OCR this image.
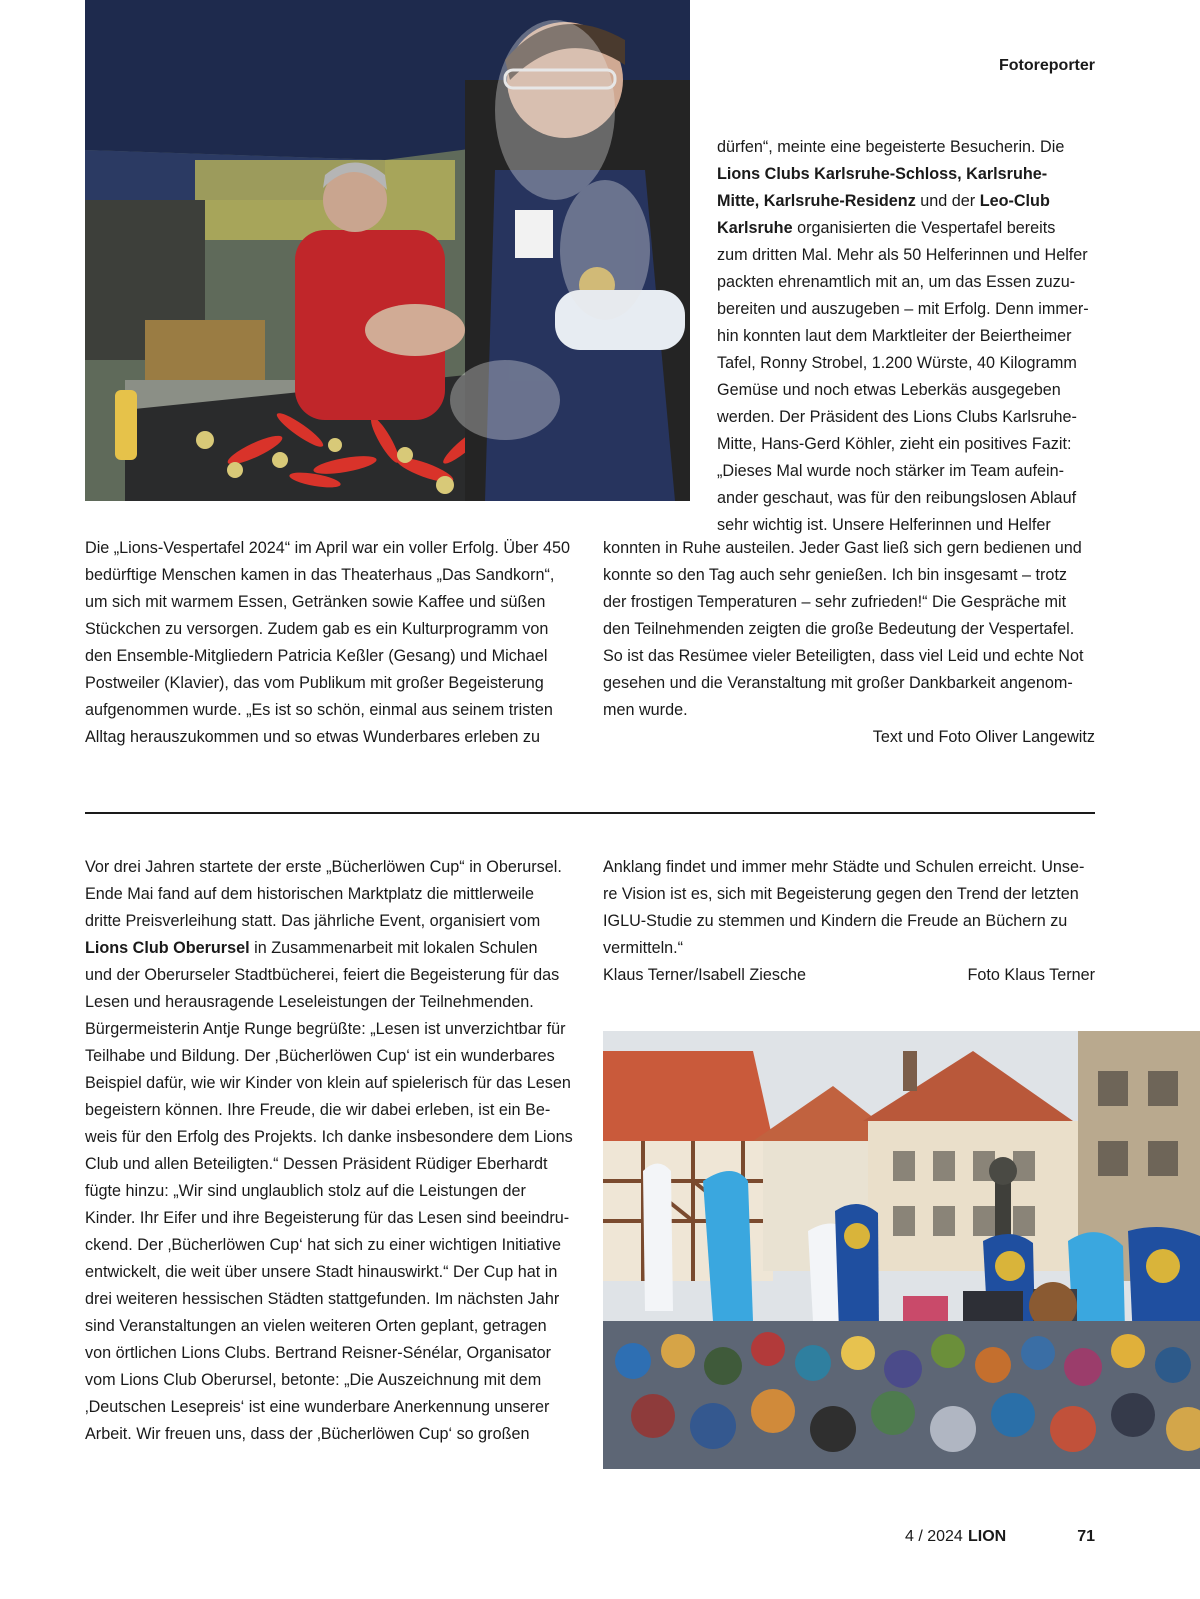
Fotoreporter
dürfen“, meinte eine begeisterte Besucherin. Die
Lions Clubs Karlsruhe-Schloss, Karlsruhe-
Mitte, Karlsruhe-Residenz und der Leo-Club
Karlsruhe organisierten die Vespertafel bereits
zum dritten Mal. Mehr als 50 Helferinnen und Helfer
packten ehrenamtlich mit an, um das Essen zuzu-
bereiten und auszugeben – mit Erfolg. Denn immer-
hin konnten laut dem Marktleiter der Beiertheimer
Tafel, Ronny Strobel, 1.200 Würste, 40 Kilogramm
Gemüse und noch etwas Leberkäs ausgegeben
werden. Der Präsident des Lions Clubs Karlsruhe-
Mitte, Hans-Gerd Köhler, zieht ein positives Fazit:
„Dieses Mal wurde noch stärker im Team aufein-
ander geschaut, was für den reibungslosen Ablauf
sehr wichtig ist. Unsere Helferinnen und Helfer
Die „Lions-Vespertafel 2024“ im April war ein voller Erfolg. Über 450
bedürftige Menschen kamen in das Theaterhaus „Das Sandkorn“,
um sich mit warmem Essen, Getränken sowie Kaffee und süßen
Stückchen zu versorgen. Zudem gab es ein Kulturprogramm von
den Ensemble-Mitgliedern Patricia Keßler (Gesang) und Michael
Postweiler (Klavier), das vom Publikum mit großer Begeisterung
aufgenommen wurde. „Es ist so schön, einmal aus seinem tristen
Alltag herauszukommen und so etwas Wunderbares erleben zu
konnten in Ruhe austeilen. Jeder Gast ließ sich gern bedienen und
konnte so den Tag auch sehr genießen. Ich bin insgesamt – trotz
der frostigen Temperaturen – sehr zufrieden!“ Die Gespräche mit
den Teilnehmenden zeigten die große Bedeutung der Vespertafel.
So ist das Resümee vieler Beteiligten, dass viel Leid und echte Not
gesehen und die Veranstaltung mit großer Dankbarkeit angenom-
men wurde.
Text und Foto Oliver Langewitz
Vor drei Jahren startete der erste „Bücherlöwen Cup“ in Oberursel.
Ende Mai fand auf dem historischen Marktplatz die mittlerweile
dritte Preisverleihung statt. Das jährliche Event, organisiert vom
Lions Club Oberursel in Zusammenarbeit mit lokalen Schulen
und der Oberurseler Stadtbücherei, feiert die Begeisterung für das
Lesen und herausragende Leseleistungen der Teilnehmenden.
Bürgermeisterin Antje Runge begrüßte: „Lesen ist unverzichtbar für
Teilhabe und Bildung. Der ‚Bücherlöwen Cup‘ ist ein wunderbares
Beispiel dafür, wie wir Kinder von klein auf spielerisch für das Lesen
begeistern können. Ihre Freude, die wir dabei erleben, ist ein Be-
weis für den Erfolg des Projekts. Ich danke insbesondere dem Lions
Club und allen Beteiligten.“ Dessen Präsident Rüdiger Eberhardt
fügte hinzu: „Wir sind unglaublich stolz auf die Leistungen der
Kinder. Ihr Eifer und ihre Begeisterung für das Lesen sind beeindru-
ckend. Der ‚Bücherlöwen Cup‘ hat sich zu einer wichtigen Initiative
entwickelt, die weit über unsere Stadt hinauswirkt.“ Der Cup hat in
drei weiteren hessischen Städten stattgefunden. Im nächsten Jahr
sind Veranstaltungen an vielen weiteren Orten geplant, getragen
von örtlichen Lions Clubs. Bertrand Reisner-Sénélar, Organisator
vom Lions Club Oberursel, betonte: „Die Auszeichnung mit dem
‚Deutschen Lesepreis‘ ist eine wunderbare Anerkennung unserer
Arbeit. Wir freuen uns, dass der ‚Bücherlöwen Cup‘ so großen
Anklang findet und immer mehr Städte und Schulen erreicht. Unse-
re Vision ist es, sich mit Begeisterung gegen den Trend der letzten
IGLU-Studie zu stemmen und Kindern die Freude an Büchern zu
vermitteln.“
Klaus Terner/Isabell Ziesche	Foto Klaus Terner
4 / 2024 LION	71
